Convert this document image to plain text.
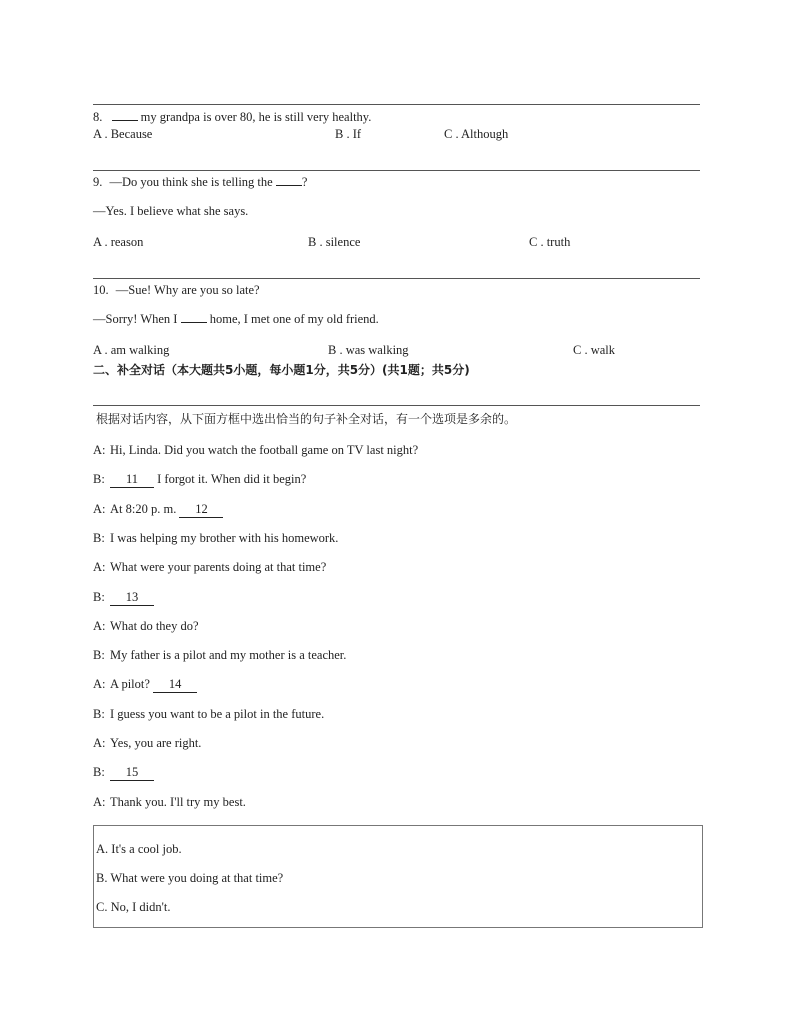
8.	my grandpa is over 80, he is still very healthy.
A . Because	B . If	C . Although
9. —Do you think she is telling the ?
—Yes. I believe what she says.
A . reason	B . silence	C . truth
10. —Sue! Why are you so late?
—Sorry! When I  home, I met one of my old friend.
A . am walking	B . was walking	C . walk
二、补全对话（本大题共5小题，每小题1分，共5分）(共1题；共5分)
根据对话内容，从下面方框中选出恰当的句子补全对话，有一个选项是多余的。
A: Hi, Linda. Did you watch the football game on TV last night?
B: 11 I forgot it. When did it begin?
A: At 8:20 p. m. 12
B: I was helping my brother with his homework.
A: What were your parents doing at that time?
B: 13
A: What do they do?
B: My father is a pilot and my mother is a teacher.
A: A pilot? 14
B: I guess you want to be a pilot in the future.
A: Yes, you are right.
B: 15
A: Thank you. I'll try my best.
A. It's a cool job.
B. What were you doing at that time?
C. No, I didn't.
